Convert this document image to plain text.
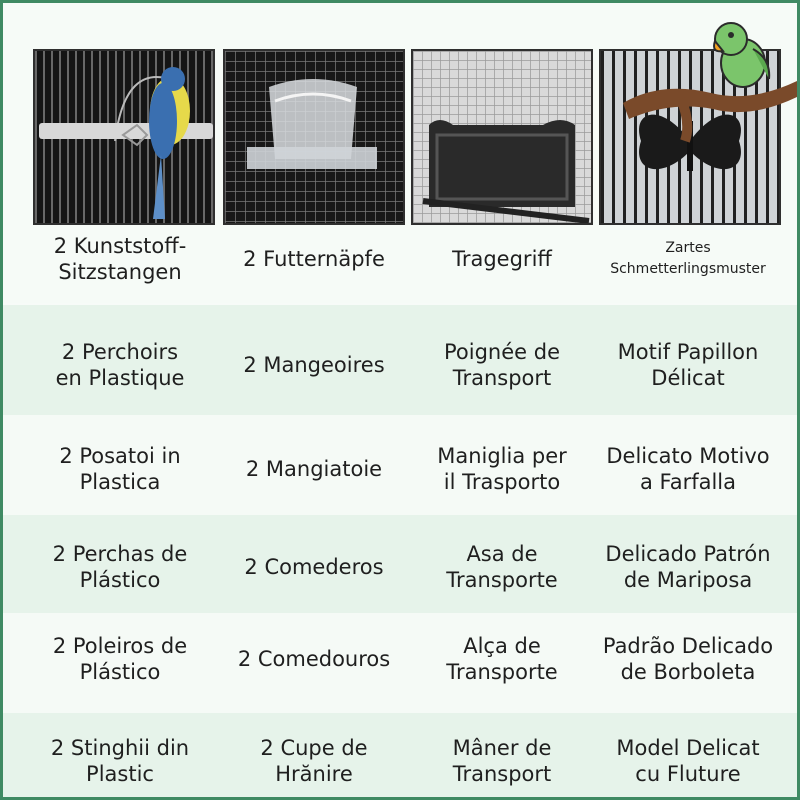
2 Kunststoff-
Sitzstangen
2 Futternäpfe	Tragegriff	Zartes
Schmetterlingsmuster
2 Perchoirs
en Plastique
2 Mangeoires
Poignée de
Transport
Motif Papillon
Délicat
2 Posatoi in
Plastica
2 Mangiatoie
Maniglia per
il Trasporto
Delicato Motivo
a Farfalla
2 Perchas de
Plástico
2 Comederos
Asa de
Transporte
Delicado Patrón
de Mariposa
2 Poleiros de
Plástico
2 Comedouros
Alça de
Transporte
Padrão Delicado
de Borboleta
2 Stinghii din
Plastic
2 Cupe de
Hrănire
Mâner de
Transport
Model Delicat
cu Fluture
